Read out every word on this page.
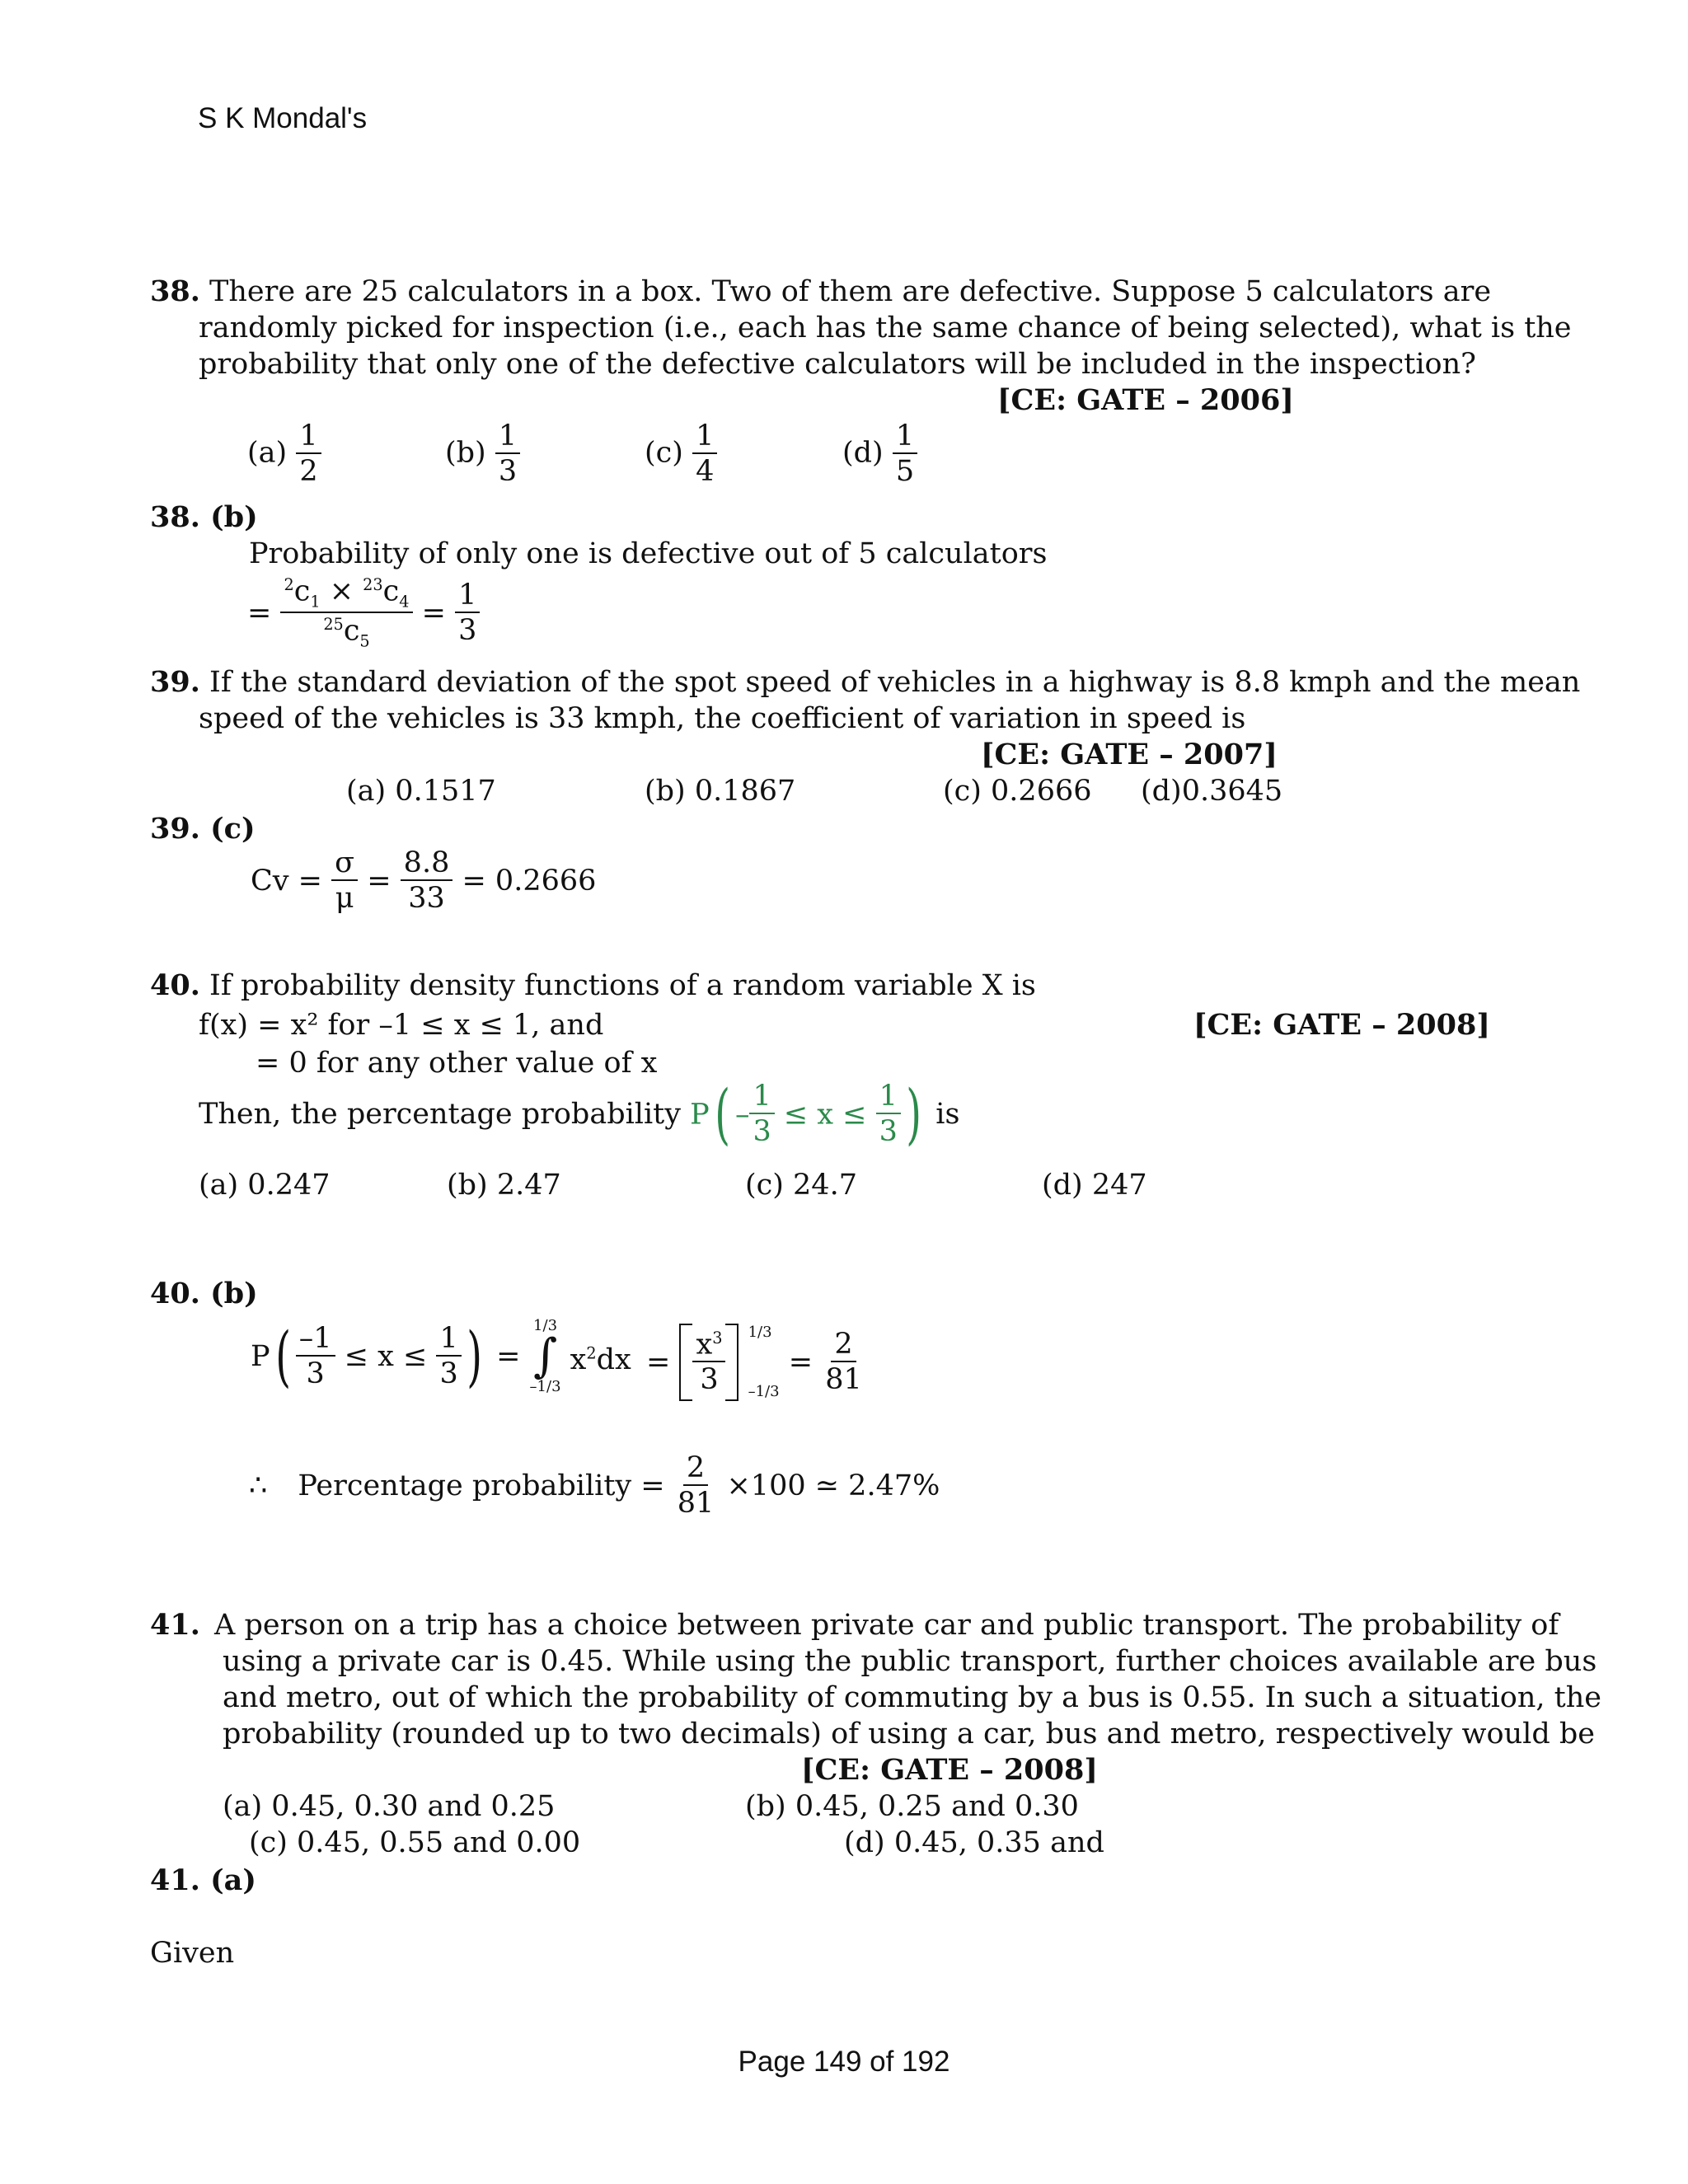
S K Mondal's
38. There are 25 calculators in a box. Two of them are defective. Suppose 5 calculators are
randomly picked for inspection (i.e., each has the same chance of being selected), what is the
probability that only one of the defective calculators will be included in the inspection?
[CE: GATE – 2006]
$(a) \frac{1}{2}$	$(b) \frac{1}{3}$	$(c) \frac{1}{4}$	$(d) \frac{1}{5}$
38. (b)
Probability of only one is defective out of 5 calculators
= $\frac{^2c_1 \times ^{23}c_4}{^{25}c_5} = \frac{1}{3}$
39. If the standard deviation of the spot speed of vehicles in a highway is 8.8 kmph and the mean
speed of the vehicles is 33 kmph, the coefficient of variation in speed is
[CE: GATE – 2007]
(a) 0.1517	(b) 0.1867	(c) 0.2666 (d)0.3645
39. (c)
$Cv = \frac{\sigma}{\mu} = \frac{8.8}{33} = 0.2666$
40. If probability density functions of a random variable X is
f(x) = x² for –1 ≤ x ≤ 1, and	[CE: GATE – 2008]
= 0 for any other value of x
Then, the percentage probability $P( - \frac{1}{3} \le x \le \frac{1}{3}$ ) is
(a) 0.247	(b) 2.47	(c) 24.7	(d) 247
40. (b)
$P( \frac{-1}{3} \le x \le \frac{1}{3}$ ) =
1/3
∫
–1/3
$x^2dx = \frac{x^3}{3}$
1/3
–1/3
= $\frac{2}{81}$
∴ Percentage probability = $\frac{2}{81} \times 100$ ≃ 2.47%
41. A person on a trip has a choice between private car and public transport. The probability of
using a private car is 0.45. While using the public transport, further choices available are bus
and metro, out of which the probability of commuting by a bus is 0.55. In such a situation, the
probability (rounded up to two decimals) of using a car, bus and metro, respectively would be
[CE: GATE – 2008]
(a) 0.45, 0.30 and 0.25	(b) 0.45, 0.25 and 0.30
(c) 0.45, 0.55 and 0.00	(d) 0.45, 0.35 and
41. (a)
Given
Page 149 of 192
